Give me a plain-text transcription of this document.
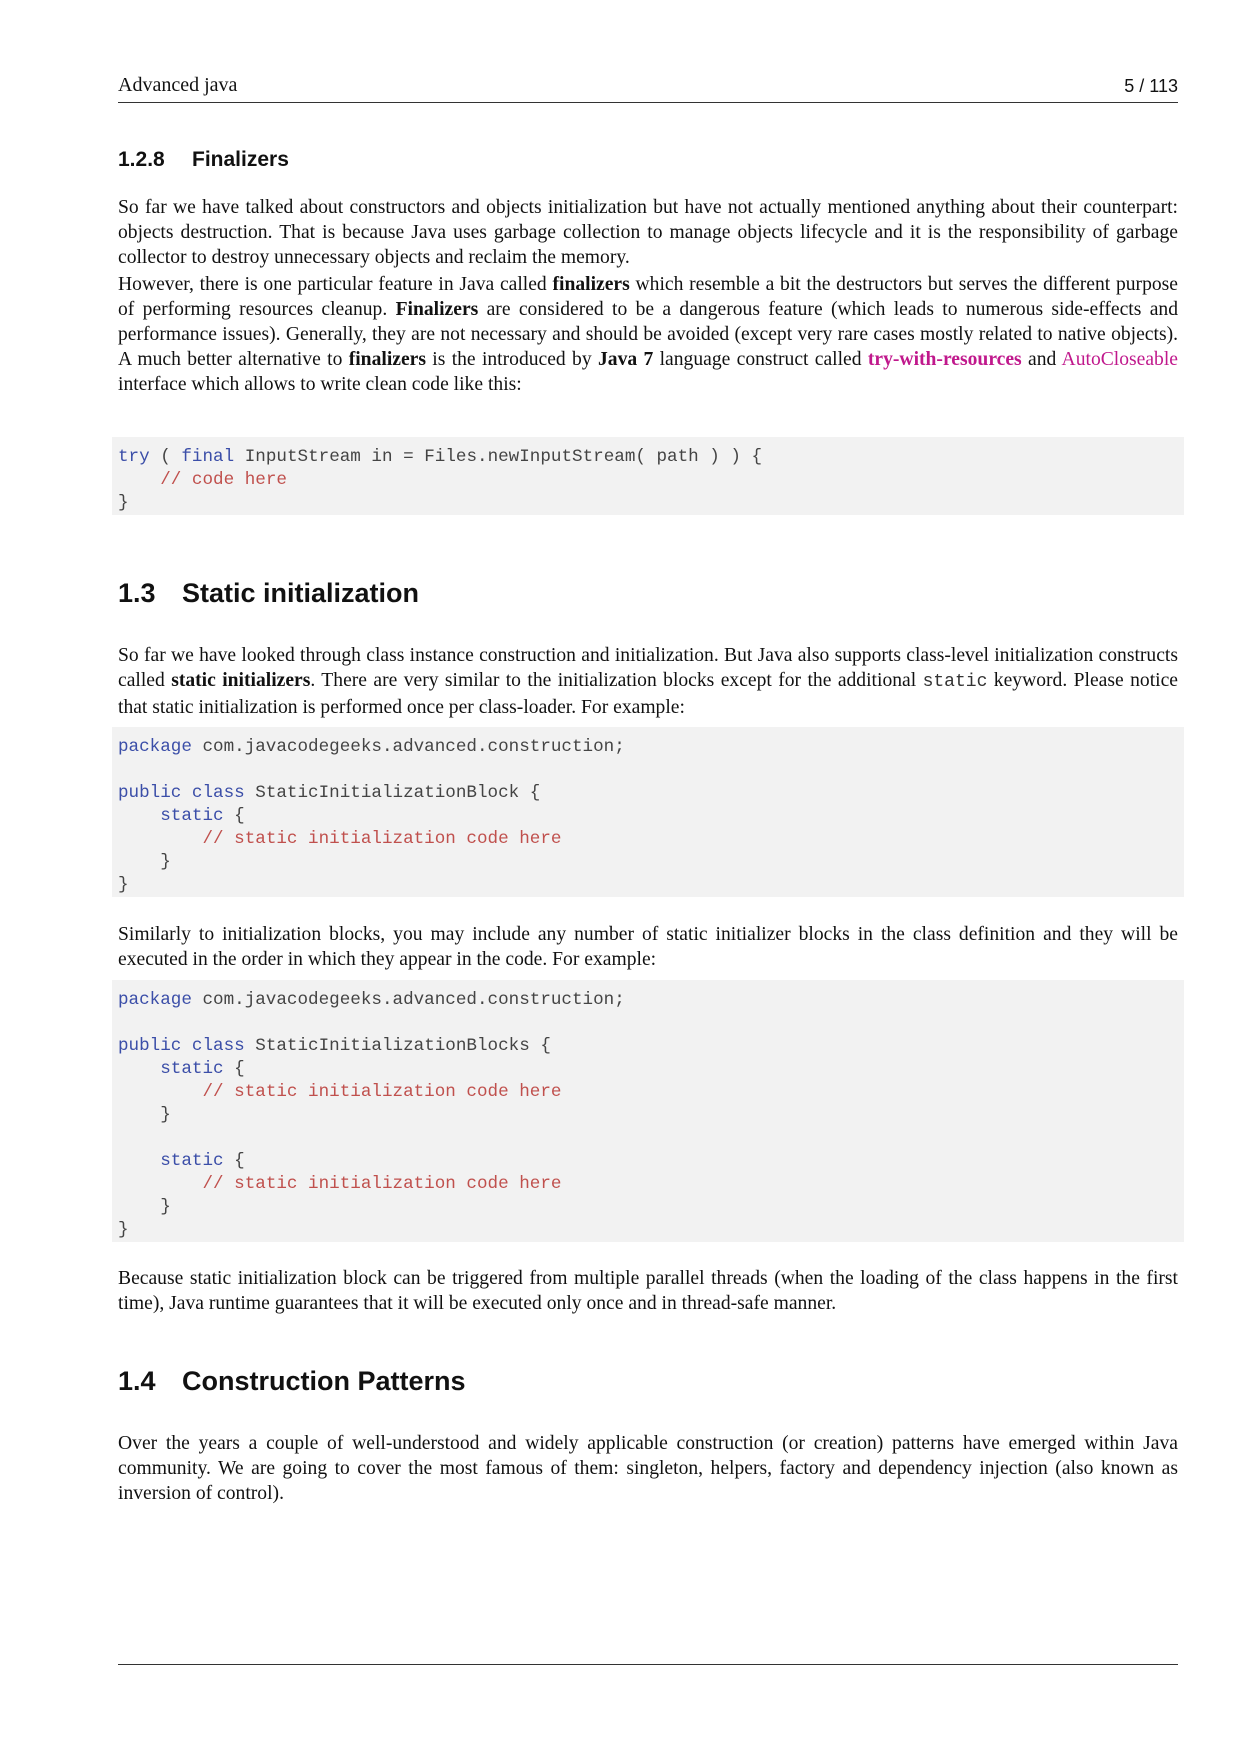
Advanced java	5 / 113
1.2.8 Finalizers

So far we have talked about constructors and objects initialization but have not actually mentioned anything about their counterpart: objects destruction. That is because Java uses garbage collection to manage objects lifecycle and it is the responsibility of garbage collector to destroy unnecessary objects and reclaim the memory.

However, there is one particular feature in Java called finalizers which resemble a bit the destructors but serves the different purpose of performing resources cleanup. Finalizers are considered to be a dangerous feature (which leads to numerous side-effects and performance issues). Generally, they are not necessary and should be avoided (except very rare cases mostly related to native objects). A much better alternative to finalizers is the introduced by Java 7 language construct called try-with-resources and AutoCloseable interface which allows to write clean code like this:

try ( final InputStream in = Files.newInputStream( path ) ) {
// code here
}
1.3 Static initialization

So far we have looked through class instance construction and initialization. But Java also supports class-level initialization constructs called static initializers. There are very similar to the initialization blocks except for the additional static keyword. Please notice that static initialization is performed once per class-loader. For example:

package com.javacodegeeks.advanced.construction;

public class StaticInitializationBlock {
static {
// static initialization code here
}
}

Similarly to initialization blocks, you may include any number of static initializer blocks in the class definition and they will be executed in the order in which they appear in the code. For example:

package com.javacodegeeks.advanced.construction;

public class StaticInitializationBlocks {
static {
// static initialization code here
}

static {
// static initialization code here
}
}

Because static initialization block can be triggered from multiple parallel threads (when the loading of the class happens in the first time), Java runtime guarantees that it will be executed only once and in thread-safe manner.

1.4 Construction Patterns

Over the years a couple of well-understood and widely applicable construction (or creation) patterns have emerged within Java community. We are going to cover the most famous of them: singleton, helpers, factory and dependency injection (also known as inversion of control).
